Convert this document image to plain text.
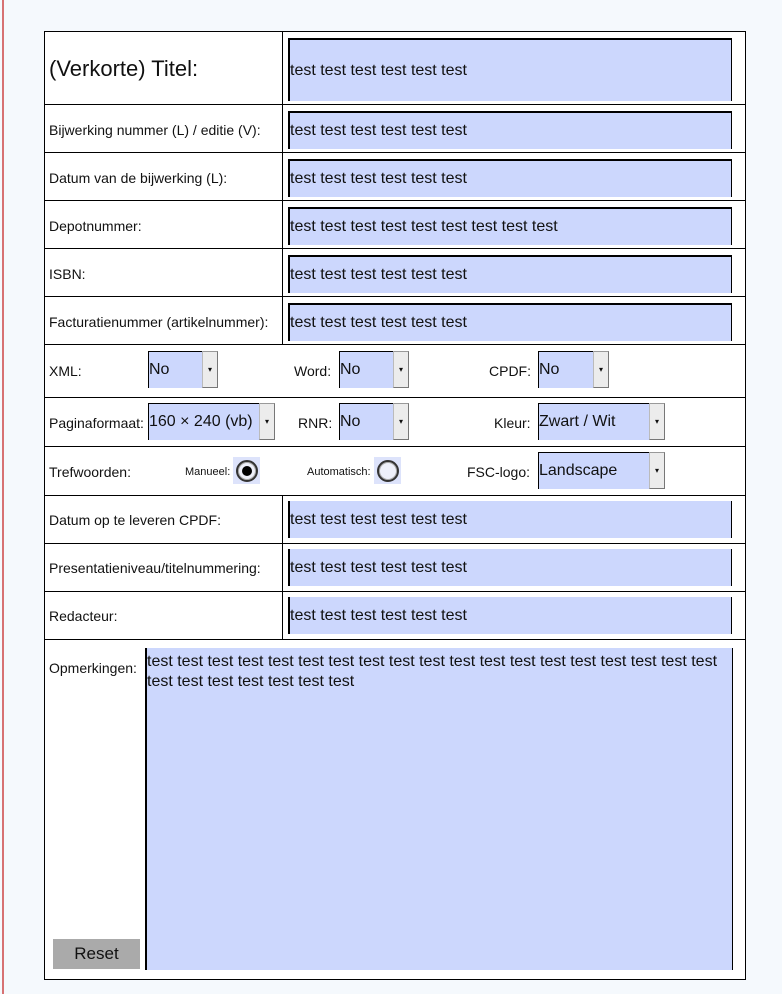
(Verkorte) Titel:	test test test test test test
Bijwerking nummer (L) / editie (V): test test test test test test
Datum van de bijwerking (L):	test test test test test test
Depotnummer:	test test test test test test test test test
ISBN:	test test test test test test
Facturatienummer (artikelnummer): test test test test test test
XML:	No	▾	Word: No	▾	CPDF: No	▾
Paginaformaat: 160 × 240 (vb)	▾	RNR: No	▾	Kleur: Zwart / Wit	▾
Trefwoorden:	Manueel:	Automatisch:	FSC-logo: Landscape	▾
Datum op te leveren CPDF:	test test test test test test
Presentatieniveau/titelnummering: test test test test test test
Redacteur:	test test test test test test
Opmerkingen: test test test test test test test test test test test test test test test test test test test test test test test test test test
Reset
